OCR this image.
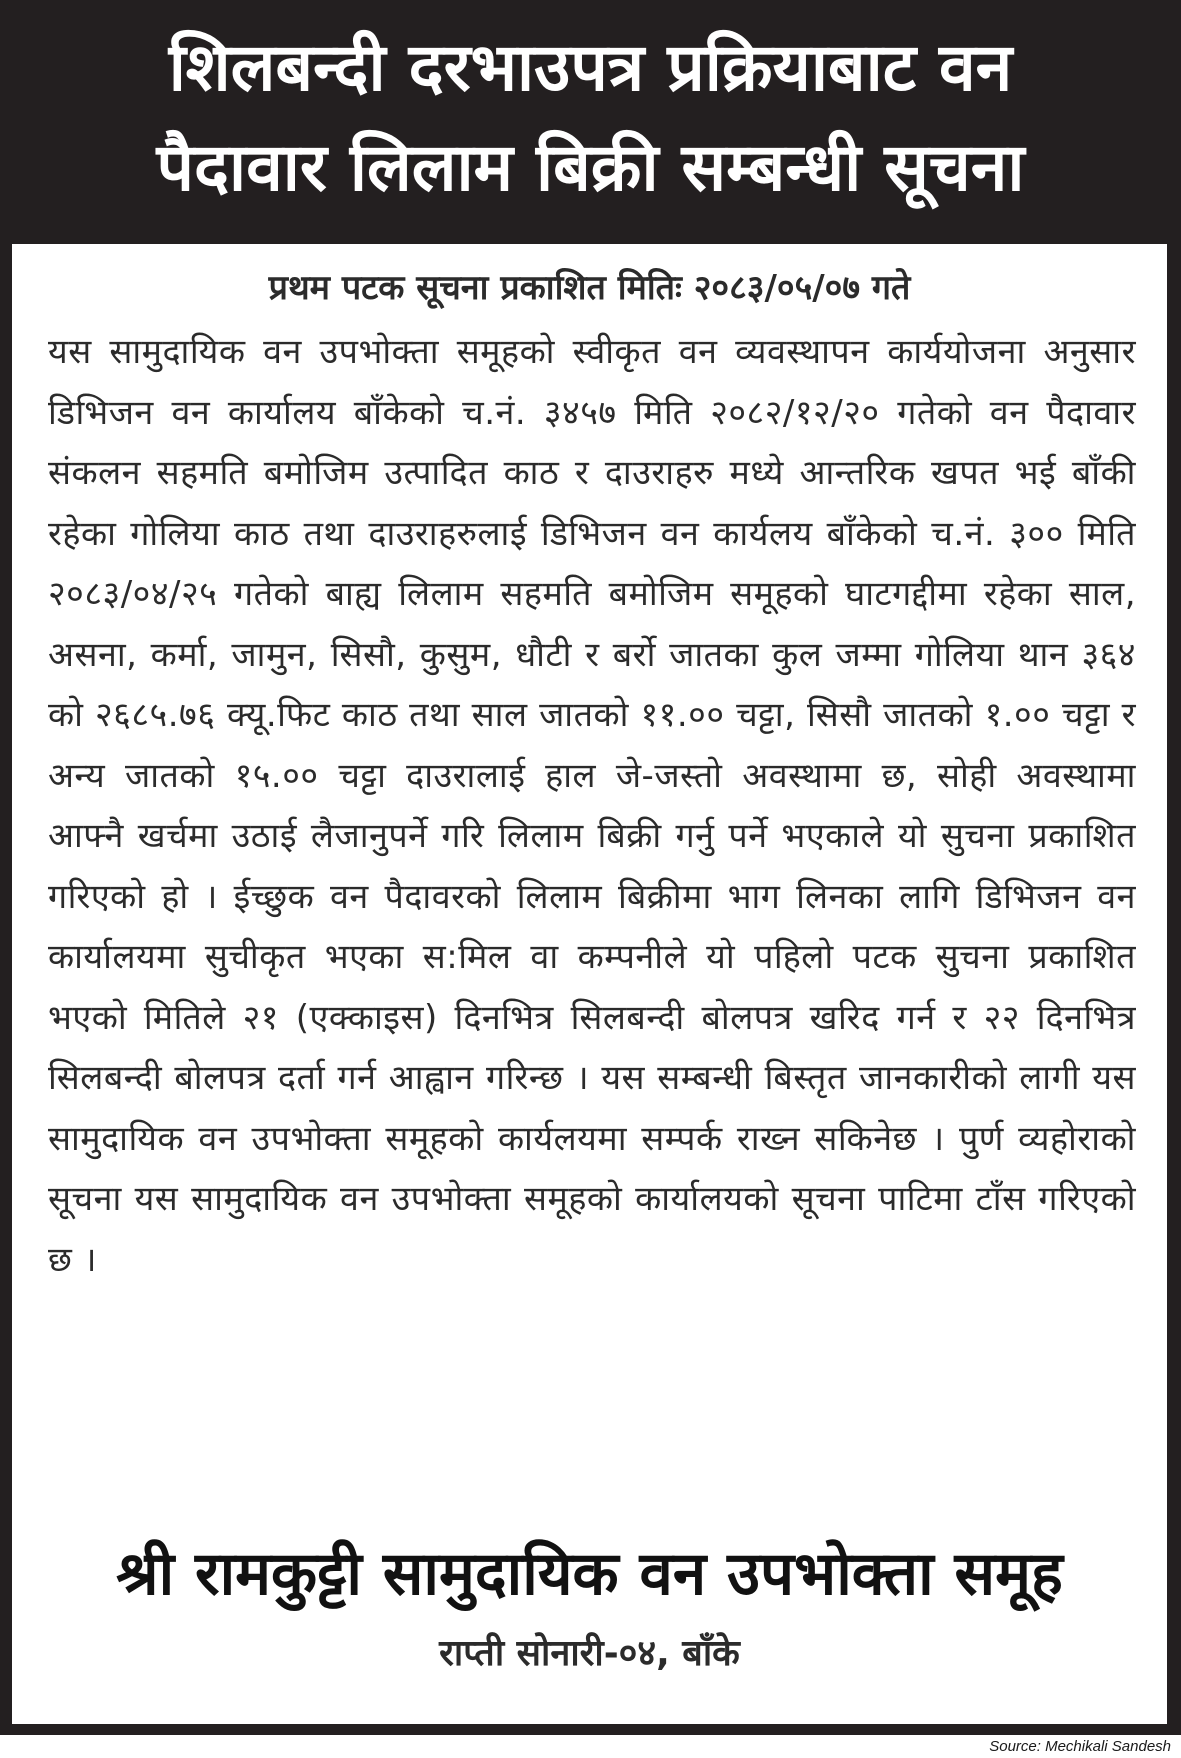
शिलबन्दी दरभाउपत्र प्रक्रियाबाट वन
पैदावार लिलाम बिक्री सम्बन्धी सूचना

प्रथम पटक सूचना प्रकाशित मितिः २०८३/०५/०७ गते

यस सामुदायिक वन उपभोक्ता समूहको स्वीकृत वन व्यवस्थापन कार्ययोजना अनुसार डिभिजन वन कार्यालय बाँकेको च.नं. ३४५७ मिति २०८२/१२/२० गतेको वन पैदावार संकलन सहमति बमोजिम उत्पादित काठ र दाउराहरु मध्ये आन्तरिक खपत भई बाँकी रहेका गोलिया काठ तथा दाउराहरुलाई डिभिजन वन कार्यलय बाँकेको च.नं. ३०० मिति २०८३/०४/२५ गतेको बाह्य लिलाम सहमति बमोजिम समूहको घाटगद्दीमा रहेका साल, असना, कर्मा, जामुन, सिसौ, कुसुम, धौटी र बर्रो जातका कुल जम्मा गोलिया थान ३६४ को २६८५.७६ क्यू.फिट काठ तथा साल जातको ११.०० चट्टा, सिसौ जातको १.०० चट्टा र अन्य जातको १५.०० चट्टा दाउरालाई हाल जे-जस्तो अवस्थामा छ, सोही अवस्थामा आफ्नै खर्चमा उठाई लैजानुपर्ने गरि लिलाम बिक्री गर्नु पर्ने भएकाले यो सुचना प्रकाशित गरिएको हो । ईच्छुक वन पैदावरको लिलाम बिक्रीमा भाग लिनका लागि डिभिजन वन कार्यालयमा सुचीकृत भएका स:मिल वा कम्पनीले यो पहिलो पटक सुचना प्रकाशित भएको मितिले २१ (एक्काइस) दिनभित्र सिलबन्दी बोलपत्र खरिद गर्न र २२ दिनभित्र सिलबन्दी बोलपत्र दर्ता गर्न आह्वान गरिन्छ । यस सम्बन्धी बिस्तृत जानकारीको लागी यस सामुदायिक वन उपभोक्ता समूहको कार्यलयमा सम्पर्क राख्न सकिनेछ । पुर्ण व्यहोराको सूचना यस सामुदायिक वन उपभोक्ता समूहको कार्यालयको सूचना पाटिमा टाँस गरिएको छ ।

श्री रामकुट्टी सामुदायिक वन उपभोक्ता समूह

राप्ती सोनारी-०४, बाँके

Source: Mechikali Sandesh
